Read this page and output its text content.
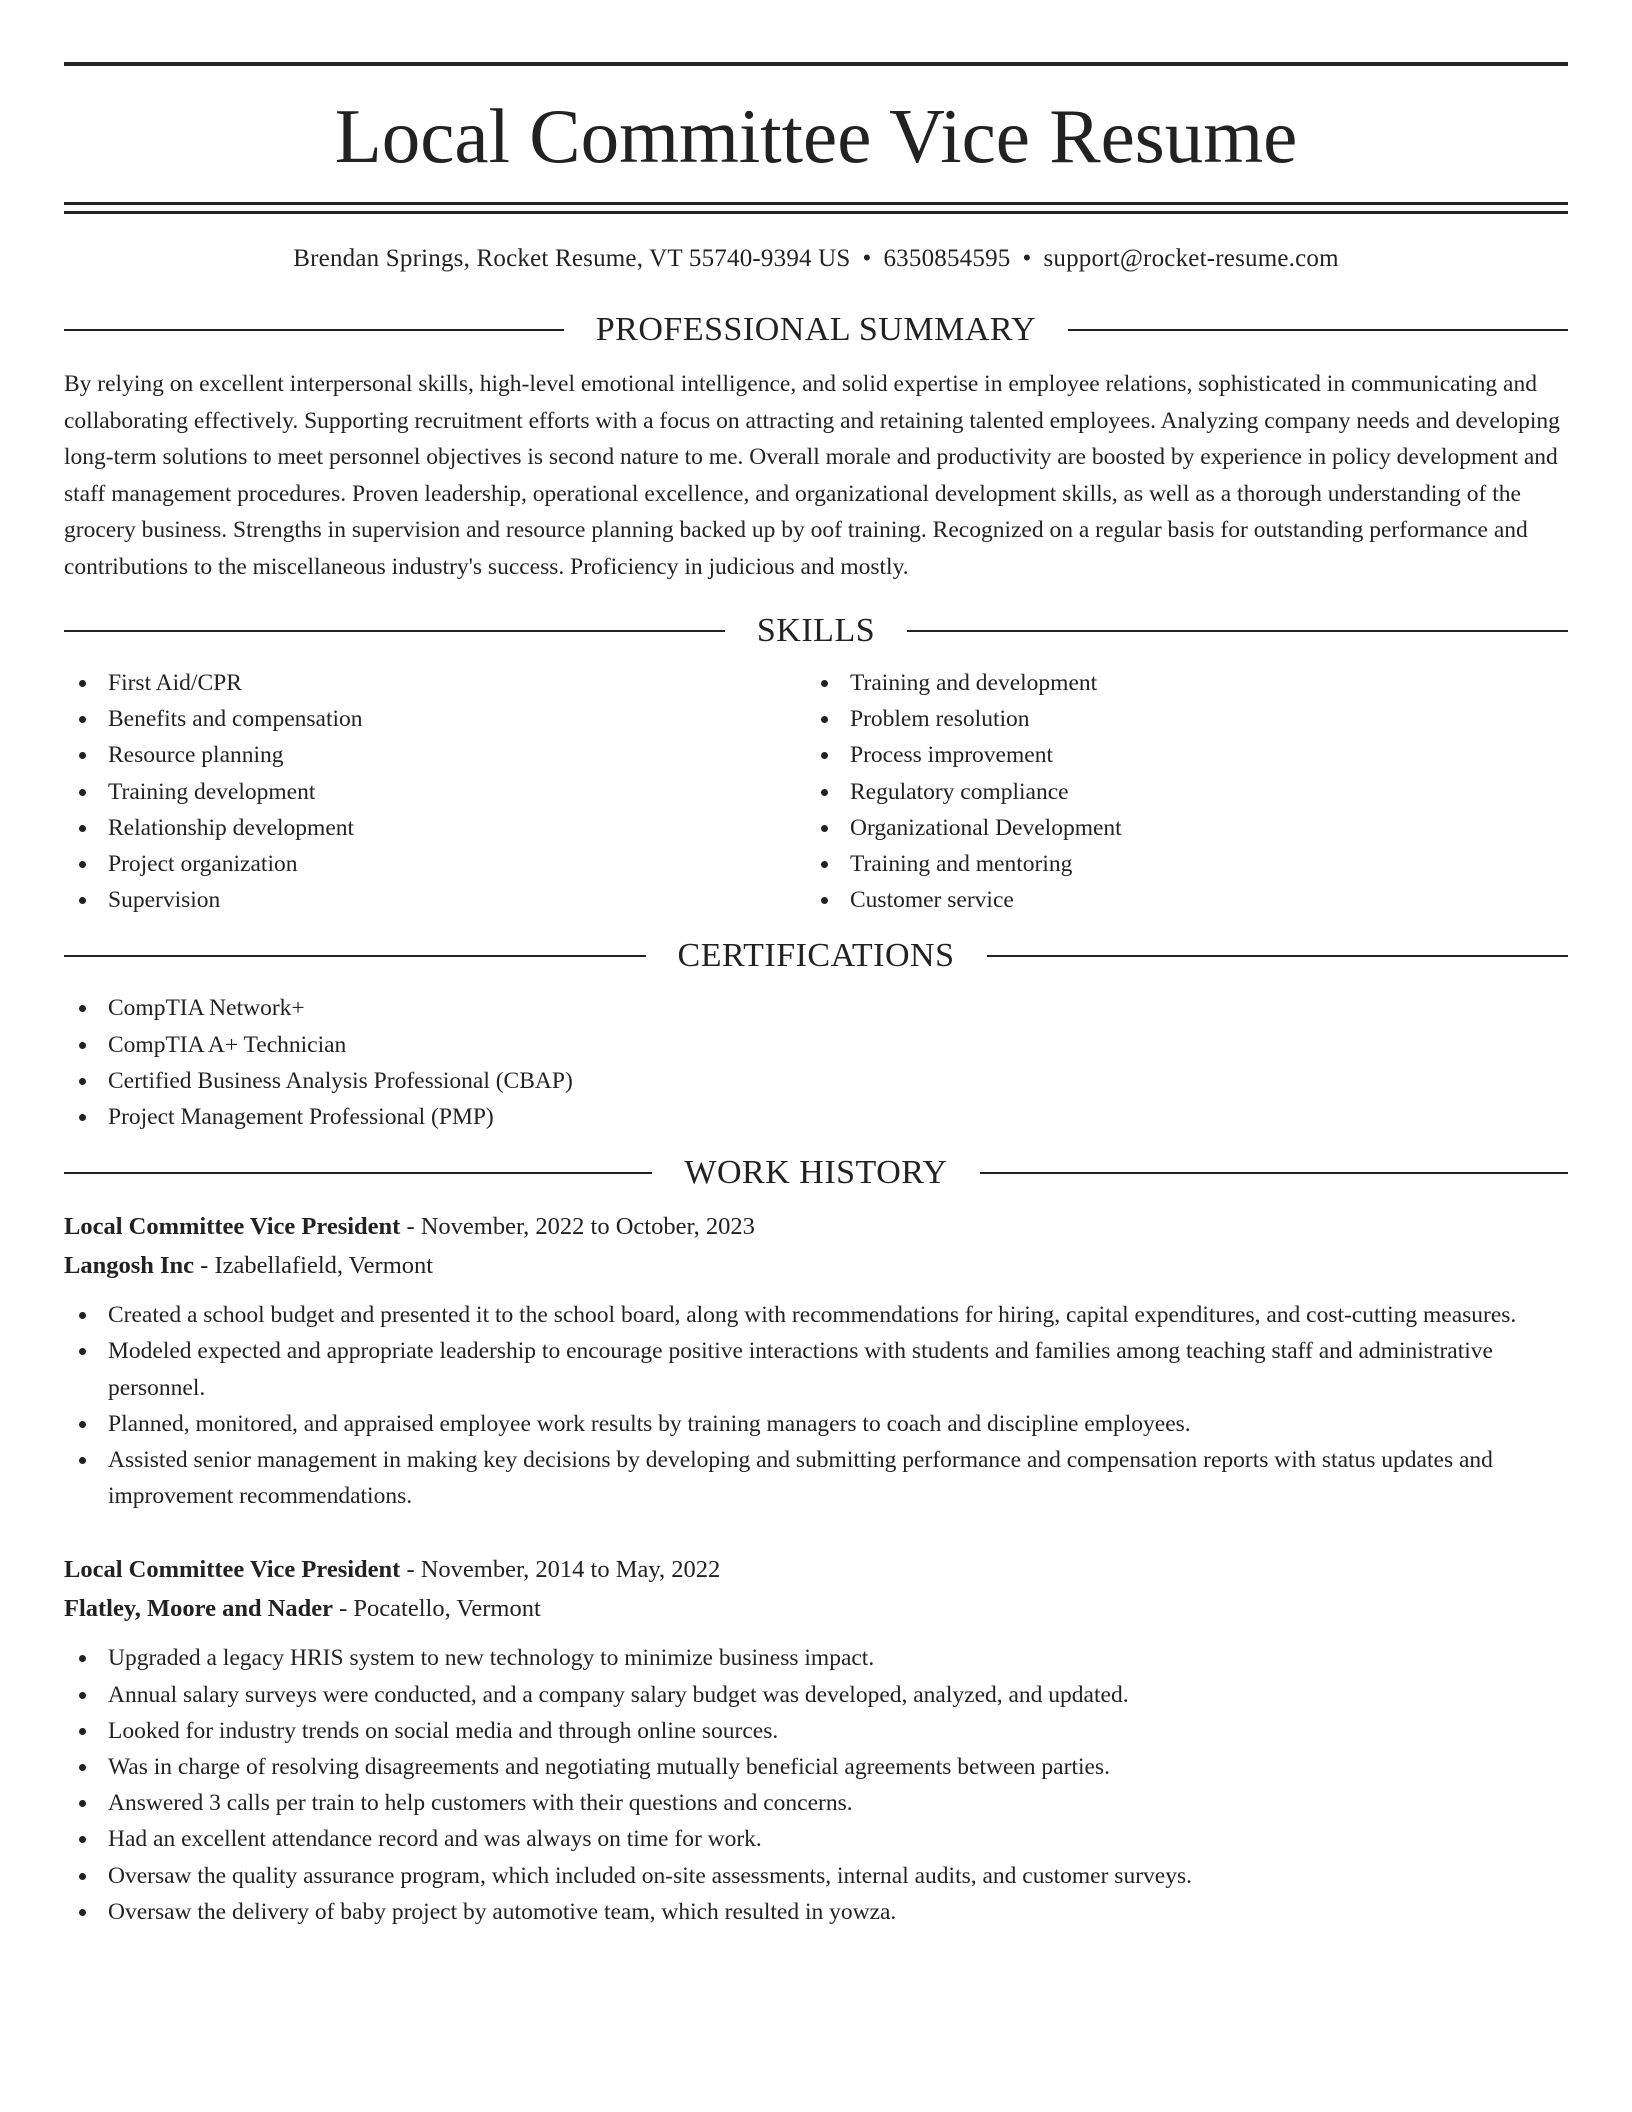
Local Committee Vice Resume
Brendan Springs, Rocket Resume, VT 55740-9394 US • 6350854595 • support@rocket-resume.com
PROFESSIONAL SUMMARY

By relying on excellent interpersonal skills, high-level emotional intelligence, and solid expertise in employee relations, sophisticated in communicating and collaborating effectively. Supporting recruitment efforts with a focus on attracting and retaining talented employees. Analyzing company needs and developing long-term solutions to meet personnel objectives is second nature to me. Overall morale and productivity are boosted by experience in policy development and staff management procedures. Proven leadership, operational excellence, and organizational development skills, as well as a thorough understanding of the grocery business. Strengths in supervision and resource planning backed up by oof training. Recognized on a regular basis for outstanding performance and contributions to the miscellaneous industry's success. Proficiency in judicious and mostly.

SKILLS
First Aid/CPR
Benefits and compensation
Resource planning
Training development
Relationship development
Project organization
Supervision
Training and development
Problem resolution
Process improvement
Regulatory compliance
Organizational Development
Training and mentoring
Customer service
CERTIFICATIONS
CompTIA Network+
CompTIA A+ Technician
Certified Business Analysis Professional (CBAP)
Project Management Professional (PMP)
WORK HISTORY
Local Committee Vice President - November, 2022 to October, 2023
Langosh Inc - Izabellafield, Vermont
Created a school budget and presented it to the school board, along with recommendations for hiring, capital expenditures, and cost-cutting measures.
Modeled expected and appropriate leadership to encourage positive interactions with students and families among teaching staff and administrative personnel.
Planned, monitored, and appraised employee work results by training managers to coach and discipline employees.
Assisted senior management in making key decisions by developing and submitting performance and compensation reports with status updates and improvement recommendations.
Local Committee Vice President - November, 2014 to May, 2022
Flatley, Moore and Nader - Pocatello, Vermont
Upgraded a legacy HRIS system to new technology to minimize business impact.
Annual salary surveys were conducted, and a company salary budget was developed, analyzed, and updated.
Looked for industry trends on social media and through online sources.
Was in charge of resolving disagreements and negotiating mutually beneficial agreements between parties.
Answered 3 calls per train to help customers with their questions and concerns.
Had an excellent attendance record and was always on time for work.
Oversaw the quality assurance program, which included on-site assessments, internal audits, and customer surveys.
Oversaw the delivery of baby project by automotive team, which resulted in yowza.
